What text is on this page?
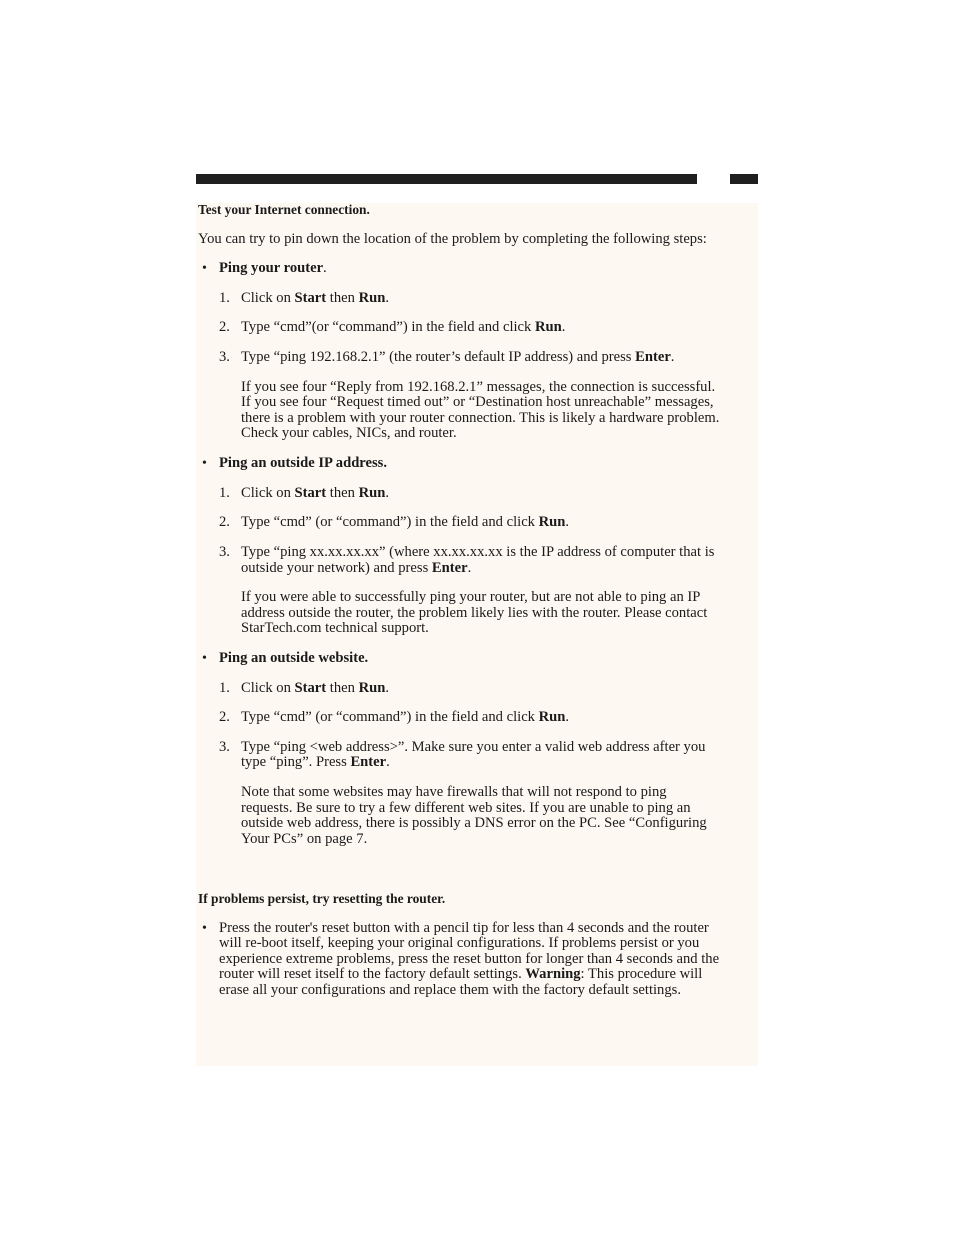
Test your Internet connection.
You can try to pin down the location of the problem by completing the following steps:
• Ping your router.
1. Click on Start then Run.
2. Type “cmd”(or “command”) in the field and click Run.
3. Type “ping 192.168.2.1” (the router’s default IP address) and press Enter.
If you see four “Reply from 192.168.2.1” messages, the connection is successful.
If you see four “Request timed out” or “Destination host unreachable” messages,
there is a problem with your router connection. This is likely a hardware problem.
Check your cables, NICs, and router.
• Ping an outside IP address.
1. Click on Start then Run.
2. Type “cmd” (or “command”) in the field and click Run.
3. Type “ping xx.xx.xx.xx” (where xx.xx.xx.xx is the IP address of computer that is
outside your network) and press Enter.
If you were able to successfully ping your router, but are not able to ping an IP
address outside the router, the problem likely lies with the router. Please contact
StarTech.com technical support.
• Ping an outside website.
1. Click on Start then Run.
2. Type “cmd” (or “command”) in the field and click Run.
3. Type “ping <web address>”. Make sure you enter a valid web address after you
type “ping”. Press Enter.
Note that some websites may have firewalls that will not respond to ping
requests. Be sure to try a few different web sites. If you are unable to ping an
outside web address, there is possibly a DNS error on the PC. See “Configuring
Your PCs” on page 7.
If problems persist, try resetting the router.
• Press the router's reset button with a pencil tip for less than 4 seconds and the router
will re-boot itself, keeping your original configurations. If problems persist or you
experience extreme problems, press the reset button for longer than 4 seconds and the
router will reset itself to the factory default settings. Warning: This procedure will
erase all your configurations and replace them with the factory default settings.
